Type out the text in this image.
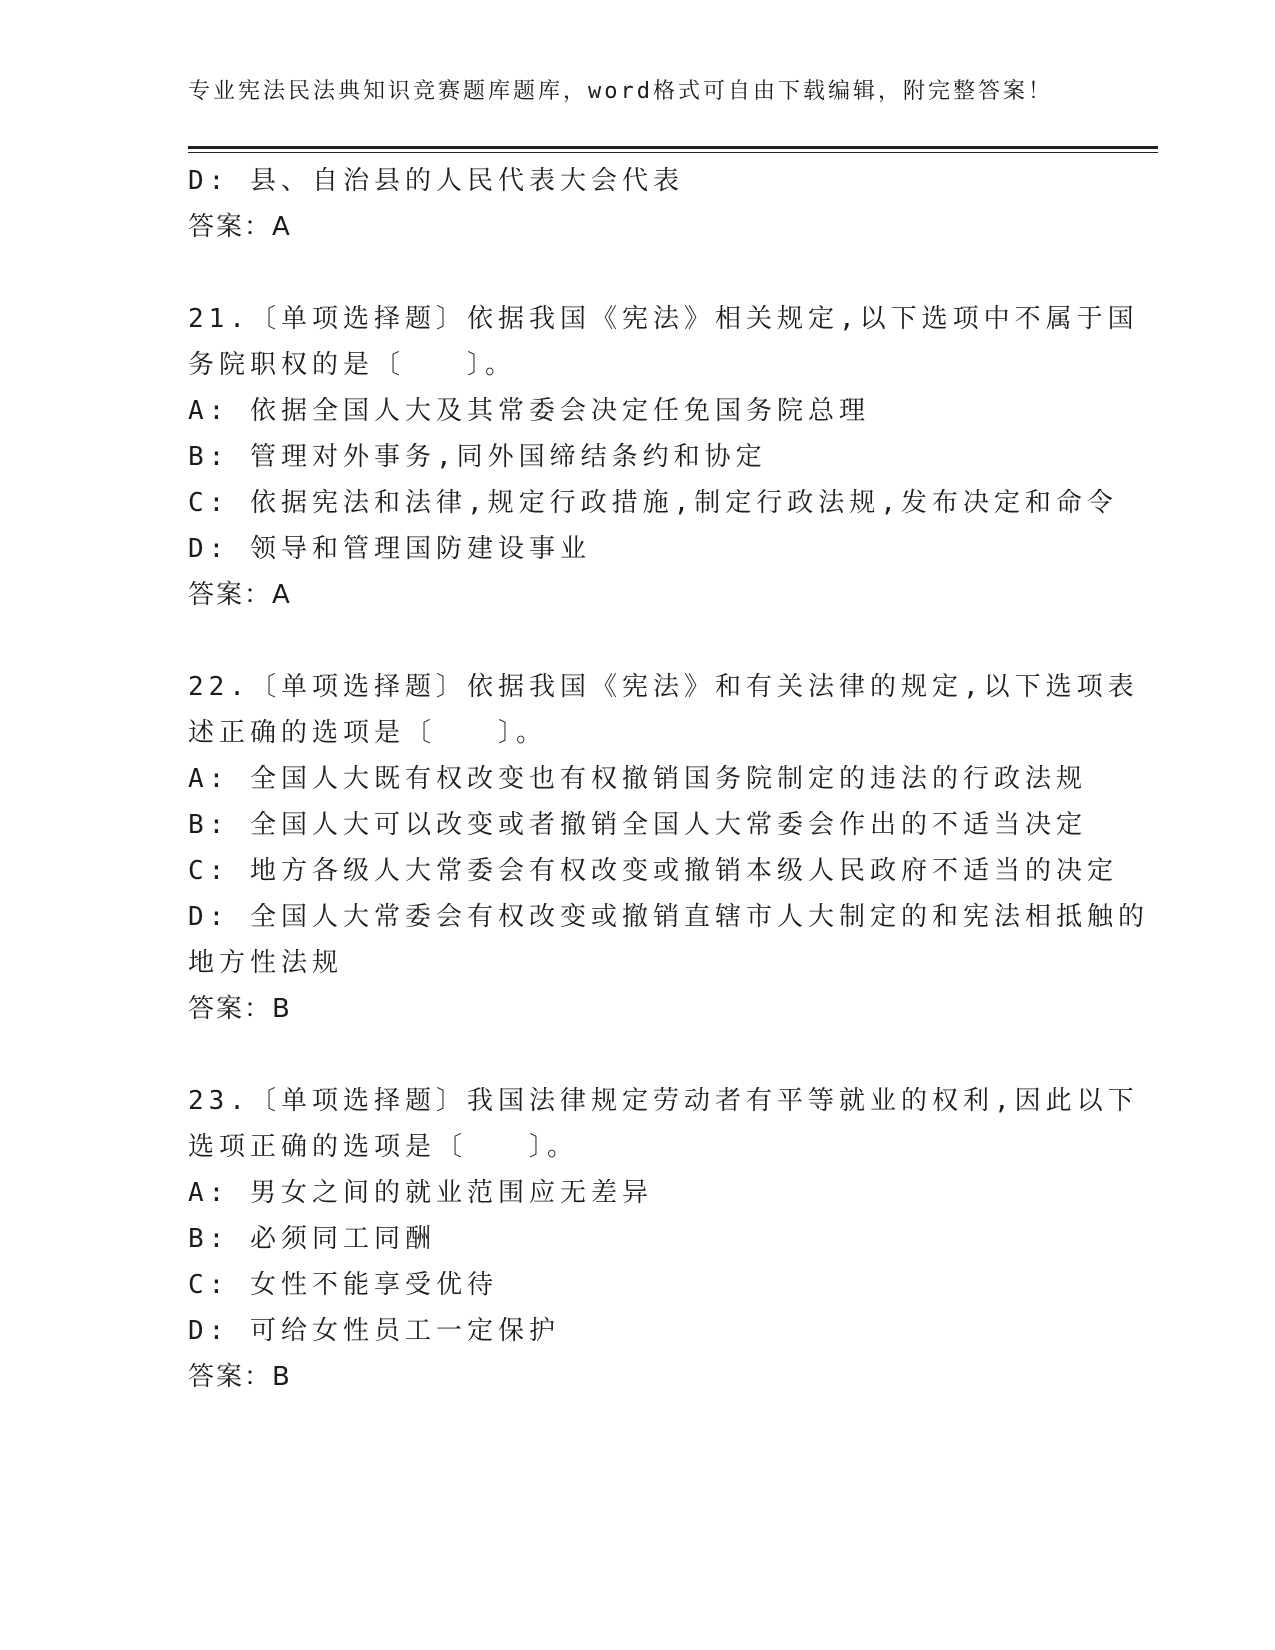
专业宪法民法典知识竞赛题库题库，word格式可自由下载编辑，附完整答案！
D: 县、自治县的人民代表大会代表
答案：A
21.〔单项选择题〕依据我国《宪法》相关规定,以下选项中不属于国
务院职权的是〔　　〕。
A: 依据全国人大及其常委会决定任免国务院总理
B: 管理对外事务,同外国缔结条约和协定
C: 依据宪法和法律,规定行政措施,制定行政法规,发布决定和命令
D: 领导和管理国防建设事业
答案：A
22.〔单项选择题〕依据我国《宪法》和有关法律的规定,以下选项表
述正确的选项是〔　　〕。
A: 全国人大既有权改变也有权撤销国务院制定的违法的行政法规
B: 全国人大可以改变或者撤销全国人大常委会作出的不适当决定
C: 地方各级人大常委会有权改变或撤销本级人民政府不适当的决定
D: 全国人大常委会有权改变或撤销直辖市人大制定的和宪法相抵触的
地方性法规
答案：B
23.〔单项选择题〕我国法律规定劳动者有平等就业的权利,因此以下
选项正确的选项是〔　　〕。
A: 男女之间的就业范围应无差异
B: 必须同工同酬
C: 女性不能享受优待
D: 可给女性员工一定保护
答案：B
